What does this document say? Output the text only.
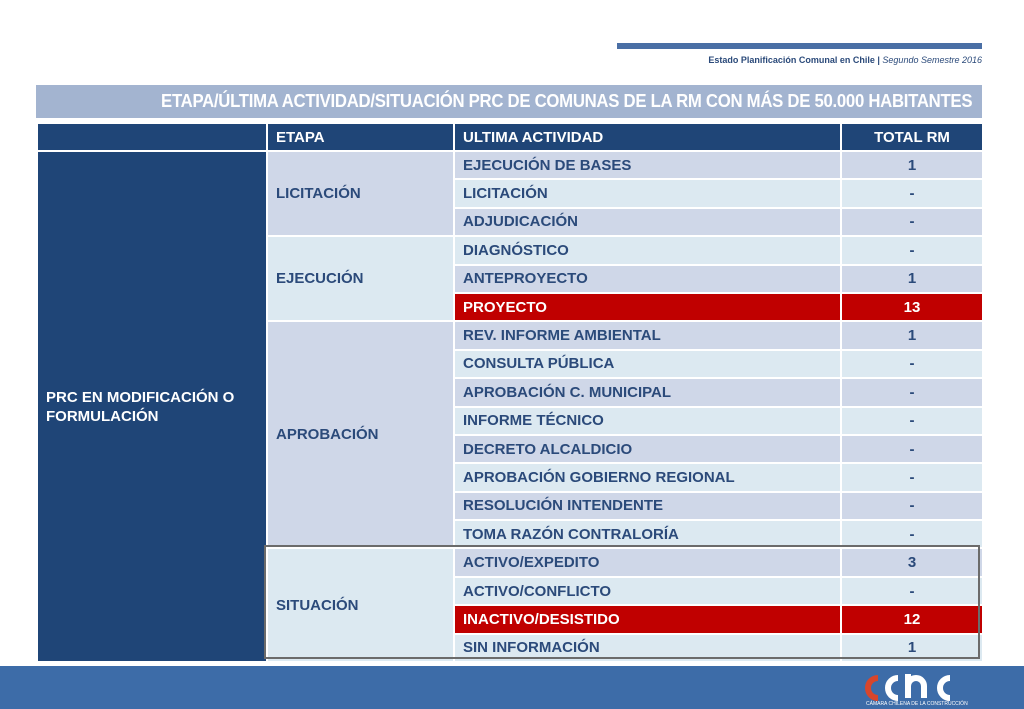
Estado Planificación Comunal en Chile | Segundo Semestre 2016
ETAPA/ÚLTIMA ACTIVIDAD/SITUACIÓN PRC DE COMUNAS DE LA RM CON MÁS DE 50.000 HABITANTES
	ETAPA	ULTIMA ACTIVIDAD	TOTAL RM
PRC EN MODIFICACIÓN O FORMULACIÓN	LICITACIÓN	EJECUCIÓN DE BASES	1
		LICITACIÓN	-
		ADJUDICACIÓN	-
	EJECUCIÓN	DIAGNÓSTICO	-
		ANTEPROYECTO	1
		PROYECTO	13
	APROBACIÓN	REV. INFORME AMBIENTAL	1
		CONSULTA PÚBLICA	-
		APROBACIÓN C. MUNICIPAL	-
		INFORME TÉCNICO	-
		DECRETO ALCALDICIO	-
		APROBACIÓN GOBIERNO REGIONAL	-
		RESOLUCIÓN INTENDENTE	-
		TOMA RAZÓN CONTRALORÍA	-
	SITUACIÓN	ACTIVO/EXPEDITO	3
		ACTIVO/CONFLICTO	-
		INACTIVO/DESISTIDO	12
		SIN INFORMACIÓN	1
CÁMARA CHILENA DE LA CONSTRUCCIÓN
